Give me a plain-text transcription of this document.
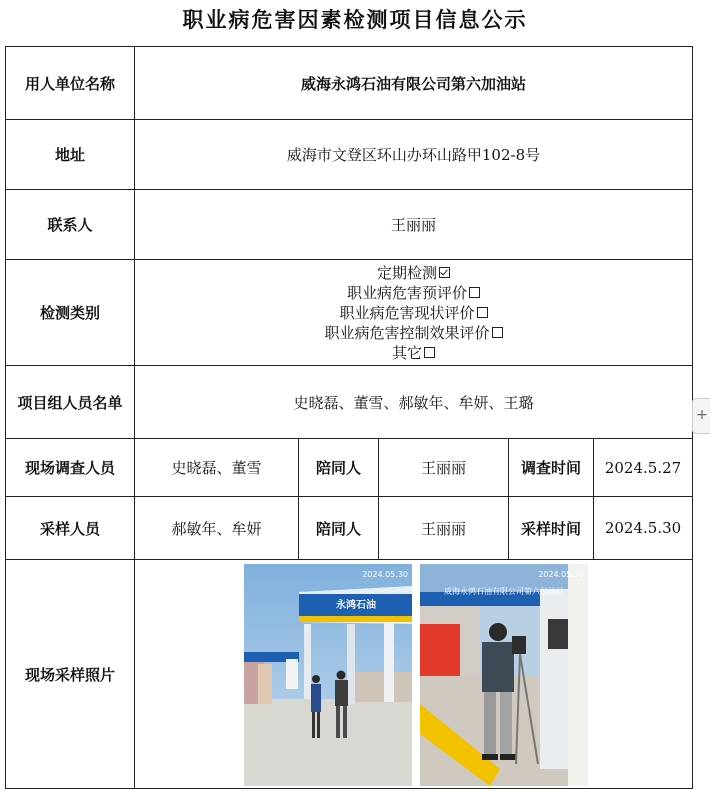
职业病危害因素检测项目信息公示
用人单位名称	威海永鸿石油有限公司第六加油站				
地址	威海市文登区环山办环山路甲102-8号				
联系人	王丽丽				
检测类别	定期检测
职业病危害预评价
职业病危害现状评价
职业病危害控制效果评价
其它				

项目组人员名单	史晓磊、董雪、郝敏年、牟妍、王璐				
现场调查人员	史晓磊、董雪	陪同人	王丽丽	调查时间	2024.5.27
采样人员	郝敏年、牟妍	陪同人	王丽丽	采样时间	2024.5.30
现场采样照片	永鸿石油
2024.05.30 2024.05.30
威海永鸿石油有限公司第六加油站				
+
